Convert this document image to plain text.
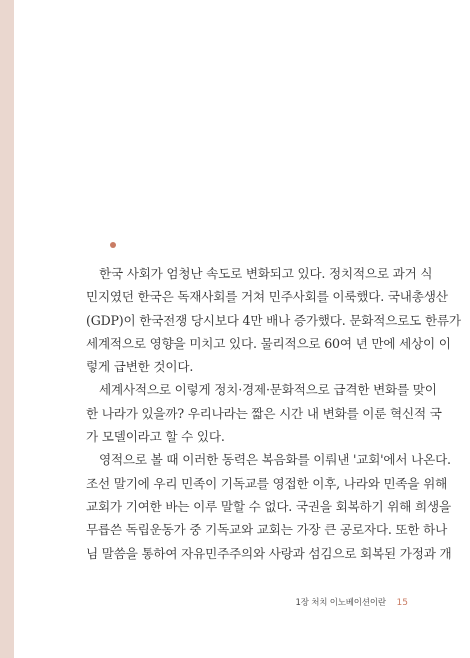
한국 사회가 엄청난 속도로 변화되고 있다. 정치적으로 과거 식
민지였던 한국은 독재사회를 거쳐 민주사회를 이룩했다. 국내총생산
(GDP)이 한국전쟁 당시보다 4만 배나 증가했다. 문화적으로도 한류가
세계적으로 영향을 미치고 있다. 물리적으로 60여 년 만에 세상이 이
렇게 급변한 것이다.
세계사적으로 이렇게 정치·경제·문화적으로 급격한 변화를 맞이
한 나라가 있을까? 우리나라는 짧은 시간 내 변화를 이룬 혁신적 국
가 모델이라고 할 수 있다.
영적으로 볼 때 이러한 동력은 복음화를 이뤄낸 '교회'에서 나온다.
조선 말기에 우리 민족이 기독교를 영접한 이후, 나라와 민족을 위해
교회가 기여한 바는 이루 말할 수 없다. 국권을 회복하기 위해 희생을
무릅쓴 독립운동가 중 기독교와 교회는 가장 큰 공로자다. 또한 하나
님 말씀을 통하여 자유민주주의와 사랑과 섬김으로 회복된 가정과 개
1장 처치 이노베이션이란 15
